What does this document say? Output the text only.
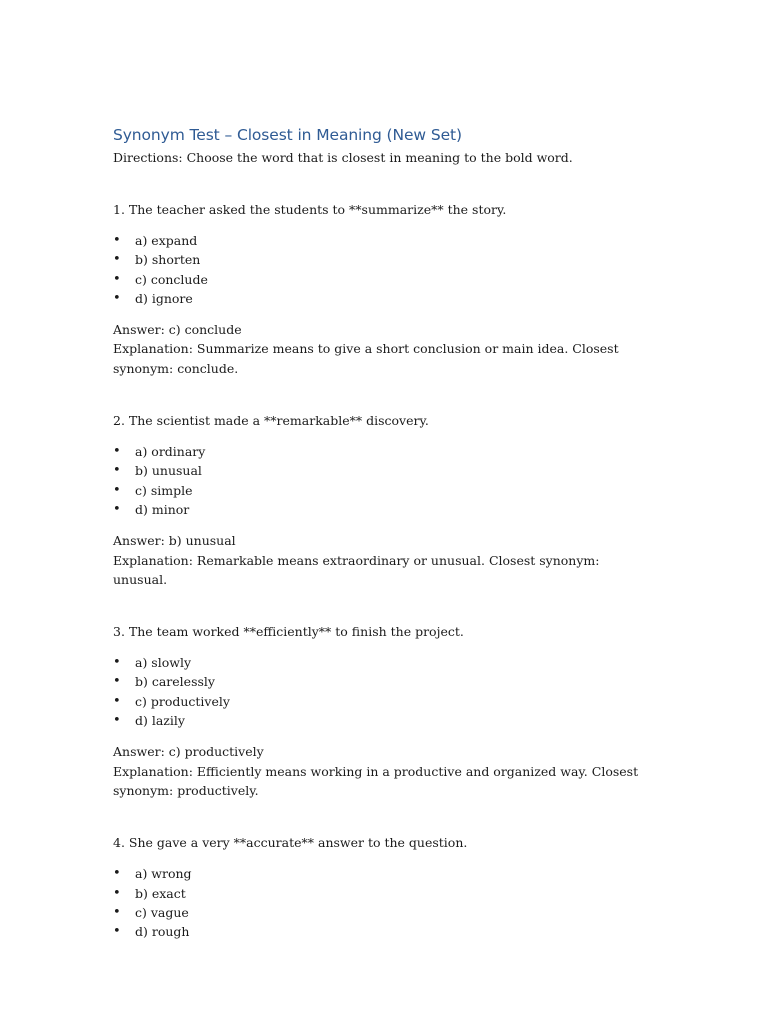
Synonym Test – Closest in Meaning (New Set)

Directions: Choose the word that is closest in meaning to the bold word.

1. The teacher asked the students to **summarize** the story.

• a) expand
• b) shorten
• c) conclude
• d) ignore

Answer: c) conclude

Explanation: Summarize means to give a short conclusion or main idea. Closest synonym: conclude.

2. The scientist made a **remarkable** discovery.

• a) ordinary
• b) unusual
• c) simple
• d) minor

Answer: b) unusual

Explanation: Remarkable means extraordinary or unusual. Closest synonym: unusual.

3. The team worked **efficiently** to finish the project.

• a) slowly
• b) carelessly
• c) productively
• d) lazily

Answer: c) productively

Explanation: Efficiently means working in a productive and organized way. Closest synonym: productively.

4. She gave a very **accurate** answer to the question.

• a) wrong
• b) exact
• c) vague
• d) rough
